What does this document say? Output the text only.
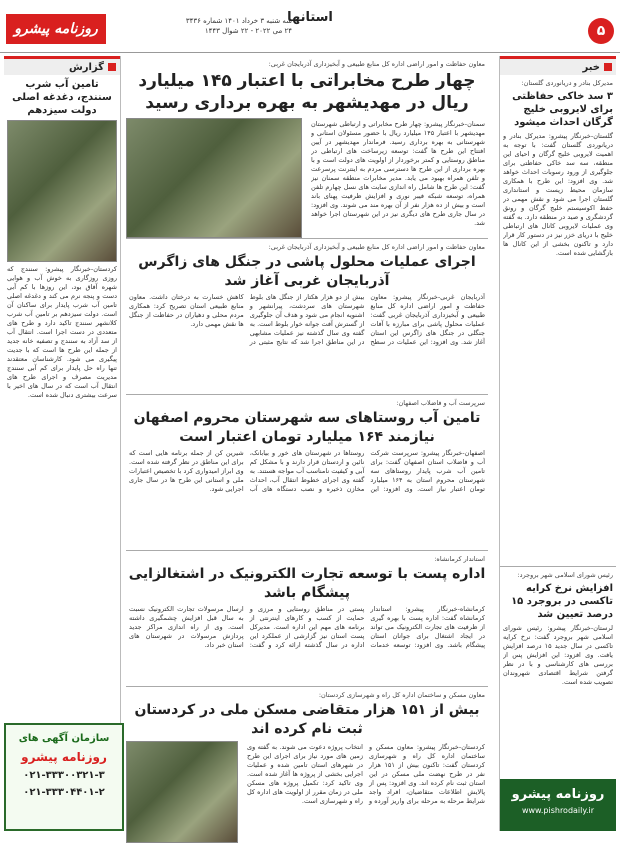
۵
استانها
سه شنبه ۳ خرداد ۱۴۰۱ شماره ۳۴۳۶
۲۴ می ۲۰۲۲ - ۲۲ شوال ۱۴۴۳
روزنامه پیشرو
خبر
مدیرکل بنادر و دریانوردی گلستان:
۳ سد خاکی حفاظتی برای لایروبی خلیج گرگان احداث میشود
گلستان-خبرنگار پیشرو: مدیرکل بنادر و دریانوردی گلستان گفت: با توجه به اهمیت لایروبی خلیج گرگان و احیای این منطقه، سه سد خاکی حفاظتی برای جلوگیری از ورود رسوبات احداث خواهد شد. وی افزود: این طرح با همکاری سازمان محیط زیست و استانداری گلستان اجرا می شود و نقش مهمی در حفظ اکوسیستم خلیج گرگان و رونق گردشگری و صید در منطقه دارد. به گفته وی عملیات لایروبی کانال های ارتباطی خلیج با دریای خزر نیز در دستور کار قرار دارد و تاکنون بخشی از این کانال ها بازگشایی شده است.
رئیس شورای اسلامی شهر بروجرد:
افزایش نرخ کرایه تاکسی در بروجرد ۱۵ درصد تعیین شد
لرستان-خبرنگار پیشرو: رئیس شورای اسلامی شهر بروجرد گفت: نرخ کرایه تاکسی در سال جدید ۱۵ درصد افزایش یافت. وی افزود: این افزایش پس از بررسی های کارشناسی و با در نظر گرفتن شرایط اقتصادی شهروندان تصویب شده است.
روزنامه پیشرو
www.pishrodaily.ir
گزارش
تامین آب شرب سنندج، دغدغه اصلی دولت سیزدهم
کردستان-خبرنگار پیشرو: سنندج که روزی روزگاری به خوش آب و هوایی شهره آفاق بود، این روزها با کم آبی دست و پنجه نرم می کند و دغدغه اصلی تامین آب شرب پایدار برای ساکنان آن است. دولت سیزدهم بر تامین آب شرب کلانشهر سنندج تاکید دارد و طرح های متعددی در دست اجرا است. انتقال آب از سد آزاد به سنندج و تصفیه خانه جدید از جمله این طرح ها است که با جدیت پیگیری می شود. کارشناسان معتقدند تنها راه حل پایدار برای کم آبی سنندج مدیریت مصرف و اجرای طرح های انتقال آب است که در سال های اخیر با سرعت بیشتری دنبال شده است.
سازمان آگهی های
روزنامه پیشرو
۰۲۱-۳۳۳۰۰۳۲۱-۳
۰۲۱-۳۳۳۰۴۴۰۱-۲
معاون حفاظت و امور اراضی اداره کل منابع طبیعی و آبخیزداری آذربایجان غربی:
چهار طرح مخابراتی با اعتبار ۱۴۵ میلیارد ریال در مهدیشهر به بهره برداری رسید
سمنان-خبرنگار پیشرو: چهار طرح مخابراتی و ارتباطی شهرستان مهدیشهر با اعتبار ۱۴۵ میلیارد ریال با حضور مسئولان استانی و شهرستانی به بهره برداری رسید. فرماندار مهدیشهر در آیین افتتاح این طرح ها گفت: توسعه زیرساخت های ارتباطی در مناطق روستایی و کمتر برخوردار از اولویت های دولت است و با بهره برداری از این طرح ها دسترسی مردم به اینترنت پرسرعت و تلفن همراه بهبود می یابد. مدیر مخابرات منطقه سمنان نیز گفت: این طرح ها شامل راه اندازی سایت های نسل چهارم تلفن همراه، توسعه شبکه فیبر نوری و افزایش ظرفیت پهنای باند است و بیش از ده هزار نفر از آن بهره مند می شوند. وی افزود: در سال جاری طرح های دیگری نیز در این شهرستان اجرا خواهد شد.
معاون حفاظت و امور اراضی اداره کل منابع طبیعی و آبخیزداری آذربایجان غربی:
اجرای عملیات محلول پاشی در جنگل های زاگرس آذربایجان غربی آغاز شد
آذربایجان غربی-خبرنگار پیشرو: معاون حفاظت و امور اراضی اداره کل منابع طبیعی و آبخیزداری آذربایجان غربی گفت: عملیات محلول پاشی برای مبارزه با آفات جنگلی در جنگل های زاگرس این استان آغاز شد. وی افزود: این عملیات در سطح بیش از دو هزار هکتار از جنگل های بلوط شهرستان های سردشت، پیرانشهر و اشنویه انجام می شود و هدف آن جلوگیری از گسترش آفت جوانه خوار بلوط است. به گفته وی سال گذشته نیز عملیات مشابهی در این مناطق اجرا شد که نتایج مثبتی در کاهش خسارت به درختان داشت. معاون منابع طبیعی استان تصریح کرد: همکاری مردم محلی و دهیاران در حفاظت از جنگل ها نقش مهمی دارد.
سرپرست آب و فاضلاب اصفهان:
تامین آب روستاهای سه شهرستان محروم اصفهان نیازمند ۱۶۴ میلیارد تومان اعتبار است
اصفهان-خبرنگار پیشرو: سرپرست شرکت آب و فاضلاب استان اصفهان گفت: برای تامین آب شرب پایدار روستاهای سه شهرستان محروم استان به ۱۶۴ میلیارد تومان اعتبار نیاز است. وی افزود: این روستاها در شهرستان های خور و بیابانک، نائین و اردستان قرار دارند و با مشکل کم آبی و کیفیت نامناسب آب مواجه هستند. به گفته وی اجرای خطوط انتقال آب، احداث مخازن ذخیره و نصب دستگاه های آب شیرین کن از جمله برنامه هایی است که برای این مناطق در نظر گرفته شده است. وی ابراز امیدواری کرد با تخصیص اعتبارات ملی و استانی این طرح ها در سال جاری اجرایی شود.
استاندار کرمانشاه:
اداره پست با توسعه تجارت الکترونیک در اشتغالزایی پیشگام باشد
کرمانشاه-خبرنگار پیشرو: استاندار کرمانشاه گفت: اداره پست با بهره گیری از ظرفیت های تجارت الکترونیک می تواند در ایجاد اشتغال برای جوانان استان پیشگام باشد. وی افزود: توسعه خدمات پستی در مناطق روستایی و مرزی و حمایت از کسب و کارهای اینترنتی از برنامه های مهم این اداره است. مدیرکل پست استان نیز گزارشی از عملکرد این اداره در سال گذشته ارائه کرد و گفت: ارسال مرسولات تجارت الکترونیک نسبت به سال قبل افزایش چشمگیری داشته است. وی از راه اندازی مراکز جدید پردازش مرسولات در شهرستان های استان خبر داد.
معاون مسکن و ساختمان اداره کل راه و شهرسازی کردستان:
بیش از ۱۵۱ هزار متقاضی مسکن ملی در کردستان ثبت نام کرده اند
کردستان-خبرنگار پیشرو: معاون مسکن و ساختمان اداره کل راه و شهرسازی کردستان گفت: تاکنون بیش از ۱۵۱ هزار نفر در طرح نهضت ملی مسکن در این استان ثبت نام کرده اند. وی افزود: پس از پالایش اطلاعات متقاضیان، افراد واجد شرایط مرحله به مرحله برای واریز آورده و انتخاب پروژه دعوت می شوند. به گفته وی زمین های مورد نیاز برای اجرای این طرح در شهرهای استان تامین شده و عملیات اجرایی بخشی از پروژه ها آغاز شده است. وی تاکید کرد: تکمیل پروژه های مسکن ملی در زمان مقرر از اولویت های اداره کل راه و شهرسازی است.
